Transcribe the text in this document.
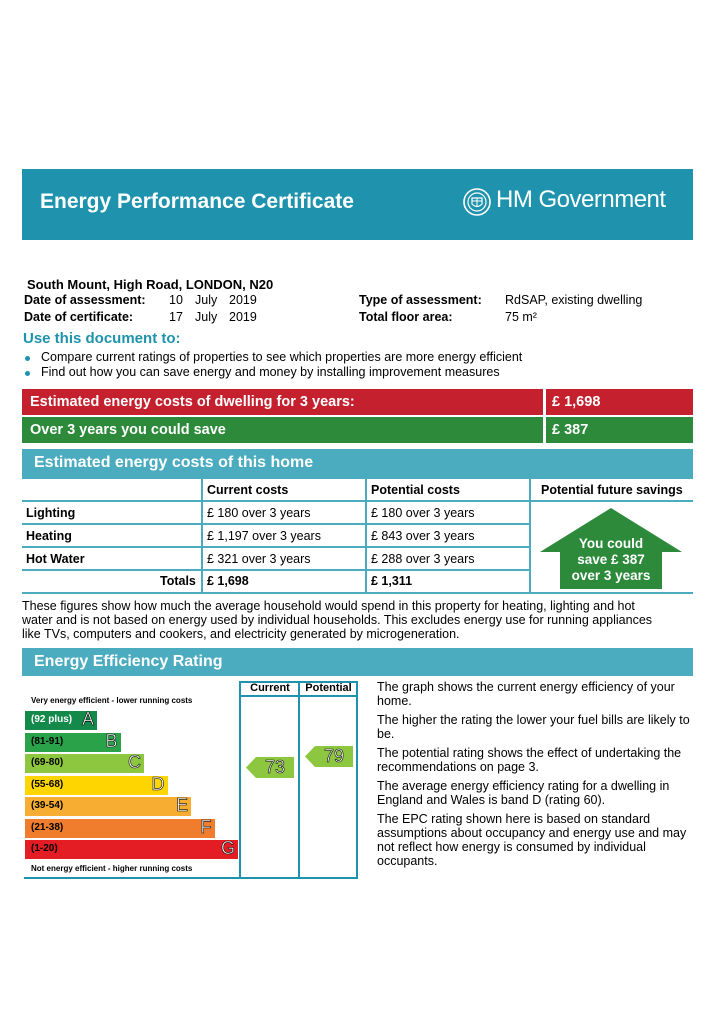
Energy Performance Certificate	HM Government
South Mount, High Road, LONDON, N20
Date of assessment: 10 July 2019
Date of certificate:	17 July 2019
Type of assessment: RdSAP, existing dwelling
Total floor area:	75 m²
Use this document to:
Compare current ratings of properties to see which properties are more energy efficient
Find out how you can save energy and money by installing improvement measures
Estimated energy costs of dwelling for 3 years:	£ 1,698
Over 3 years you could save	£ 387
Estimated energy costs of this home
Current costs	Potential costs	Potential future savings
Lighting	£ 180 over 3 years	£ 180 over 3 years
Heating	£ 1,197 over 3 years	£ 843 over 3 years
Hot Water	£ 321 over 3 years	£ 288 over 3 years
Totals £ 1,698	£ 1,311
You could
save £ 387
over 3 years
These figures show how much the average household would spend in this property for heating, lighting and hot
water and is not based on energy used by individual households. This excludes energy use for running appliances
like TVs, computers and cookers, and electricity generated by microgeneration.
Energy Efficiency Rating
Current	Potential
Very energy efficient - lower running costs
Not energy efficient - higher running costs
(92 plus) A
(81-91) B
(69-80)	C
(55-68)	D
(39-54)	E
(21-38)	F
(1-20)	G
73
79
The graph shows the current energy efficiency of your home.
The higher the rating the lower your fuel bills are likely to be.
The potential rating shows the effect of undertaking the recommendations on page 3.
The average energy efficiency rating for a dwelling in England and Wales is band D (rating 60).
The EPC rating shown here is based on standard assumptions about occupancy and energy use and may not reflect how energy is consumed by individual occupants.
